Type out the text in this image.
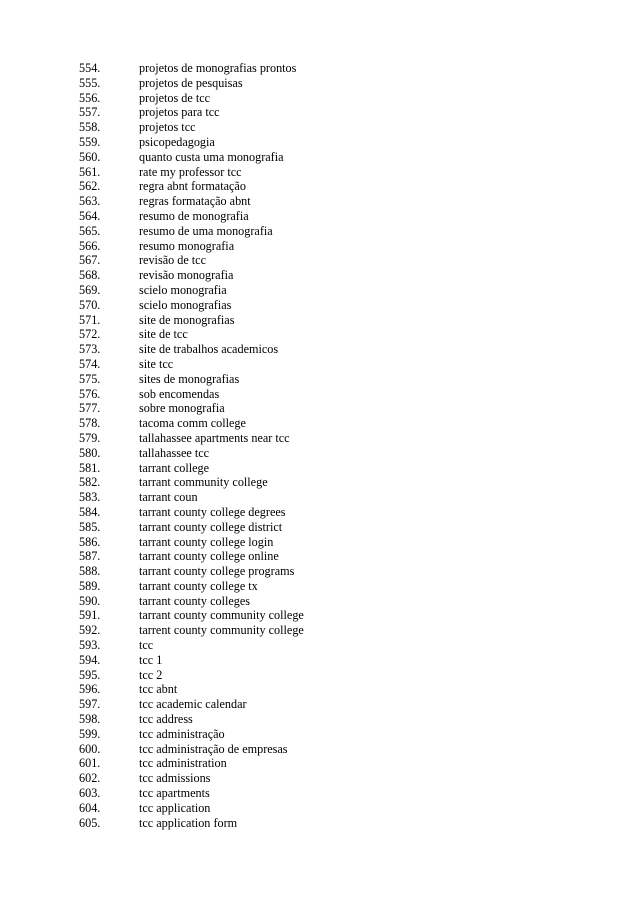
554.	projetos de monografias prontos
555.	projetos de pesquisas
556.	projetos de tcc
557.	projetos para tcc
558.	projetos tcc
559.	psicopedagogia
560.	quanto custa uma monografia
561.	rate my professor tcc
562.	regra abnt formatação
563.	regras formatação abnt
564.	resumo de monografia
565.	resumo de uma monografia
566.	resumo monografia
567.	revisão de tcc
568.	revisão monografia
569.	scielo monografia
570.	scielo monografias
571.	site de monografias
572.	site de tcc
573.	site de trabalhos academicos
574.	site tcc
575.	sites de monografias
576.	sob encomendas
577.	sobre monografia
578.	tacoma comm college
579.	tallahassee apartments near tcc
580.	tallahassee tcc
581.	tarrant college
582.	tarrant community college
583.	tarrant coun
584.	tarrant county college degrees
585.	tarrant county college district
586.	tarrant county college login
587.	tarrant county college online
588.	tarrant county college programs
589.	tarrant county college tx
590.	tarrant county colleges
591.	tarrant county community college
592.	tarrent county community college
593.	tcc
594.	tcc 1
595.	tcc 2
596.	tcc abnt
597.	tcc academic calendar
598.	tcc address
599.	tcc administração
600.	tcc administração de empresas
601.	tcc administration
602.	tcc admissions
603.	tcc apartments
604.	tcc application
605.	tcc application form
